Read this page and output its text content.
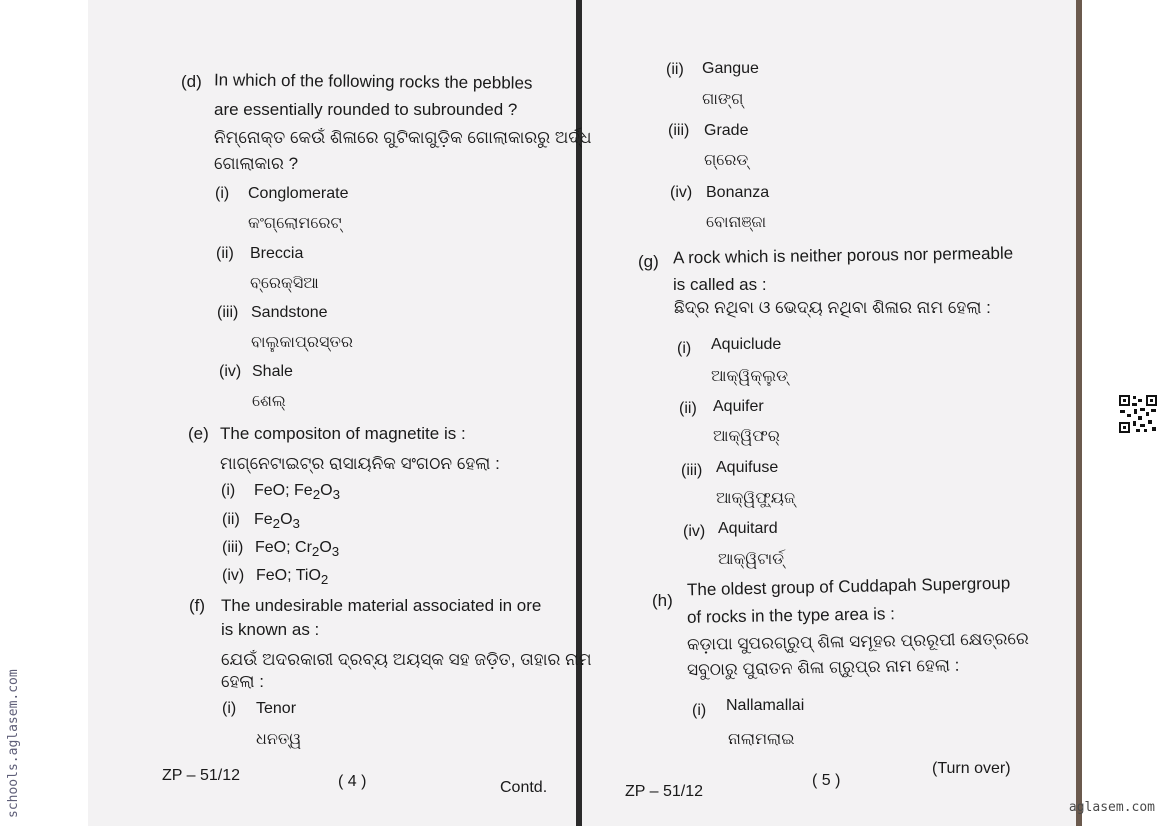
(d) In which of the following rocks the pebbles
are essentially rounded to subrounded ?
ନିମ୍ନୋକ୍ତ କେଉଁ ଶିଳାରେ ଗୁଟିକାଗୁଡ଼ିକ ଗୋଲାକାରରୁ ଅର୍ଦ୍ଧ
ଗୋଲାକାର ?
(i) Conglomerate
କଂଗ୍ଲୋମରେଟ୍
(ii) Breccia
ବ୍ରେକ୍‌ସିଆ
(iii) Sandstone
ବାଲୁକାପ୍ରସ୍ତର
(iv) Shale
ଶେଲ୍
(e) The compositon of magnetite is :
ମାଗ୍ନେଟାଇଟ୍‌ର ରାସାୟନିକ ସଂଗଠନ ହେଲା :
(i) FeO; $Fe_2O_3$
(ii) $Fe_2O_3$
(iii) FeO; $Cr_2O_3$
(iv) FeO; TiO$_2$
(f) The undesirable material associated in ore
is known as :
ଯେଉଁ ଅଦରକାରୀ ଦ୍ରବ୍ୟ ଅୟସ୍କ ସହ ଜଡ଼ିତ, ତାହାର ନାମ
ହେଲା :
(i) Tenor
ଧନତ୍ୱ
ZP – 51/12	( 4 )	Contd.
(ii) Gangue
ଗାଙ୍ଗ୍
(iii) Grade
ଗ୍ରେଡ୍
(iv) Bonanza
ବୋନାଞ୍ଜା
(g) A rock which is neither porous nor permeable
is called as :
ଛିଦ୍ର ନଥିବା ଓ ଭେଦ୍ୟ ନଥିବା ଶିଳାର ନାମ ହେଲା :
(i) Aquiclude
ଆକ୍ୱିକ୍ଲୁଡ୍
(ii) Aquifer
ଆକ୍ୱିଫର୍
(iii) Aquifuse
ଆକ୍ୱିଫ୍ୟୁଜ୍
(iv) Aquitard
ଆକ୍ୱିଟାର୍ଡ୍
(h)
The oldest group of Cuddapah Supergroup
of rocks in the type area is :
କଡ଼ାପା ସୁପରଗ୍ରୁପ୍ ଶିଳା ସମୂହର ପ୍ରରୂପୀ କ୍ଷେତ୍ରରେ
ସବୁଠାରୁ ପୁରାତନ ଶିଳା ଗ୍ରୁପ୍‌ର ନାମ ହେଲା :
(i) Nallamallai
ନାଲାମଲାଇ
ZP – 51/12
( 5 )
(Turn over)
schools.aglasem.com	aglasem.com
